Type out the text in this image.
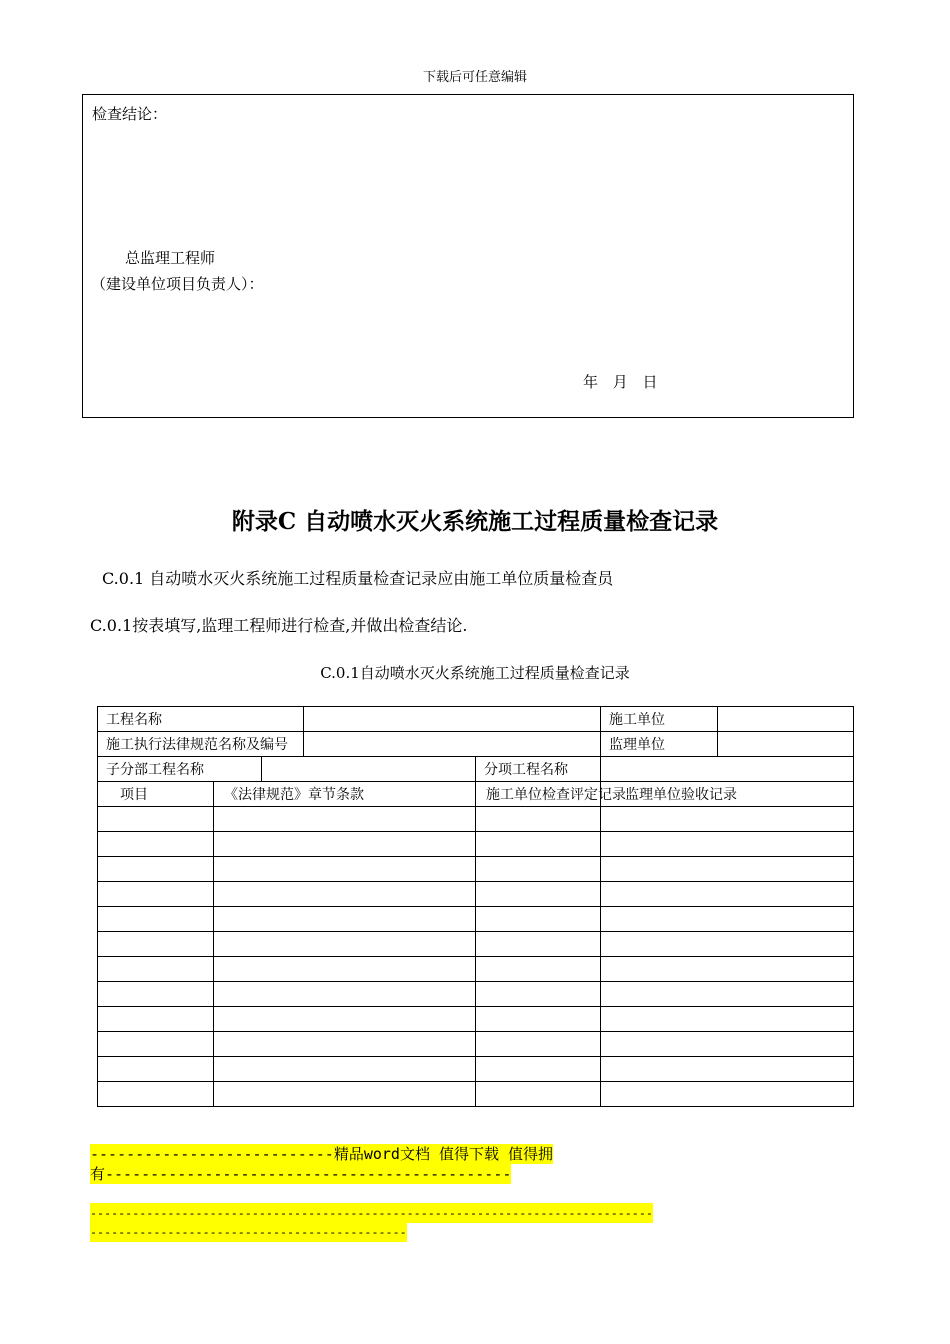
下载后可任意编辑
检查结论：
总监理工程师
（建设单位项目负责人）：
年 月 日
附录C 自动喷水灭火系统施工过程质量检查记录
C.0.1 自动喷水灭火系统施工过程质量检查记录应由施工单位质量检查员
C.0.1按表填写,监理工程师进行检查,并做出检查结论.
C.0.1自动喷水灭火系统施工过程质量检查记录
工程名称					施工单位	
施工执行法律规范名称及编号					监理单位	
子分部工程名称				分项工程名称		
项目	《法律规范》章节条款			施工单位检查评定记录	监理单位验收记录	

---------------------------精品word文档 值得下载 值得拥
有---------------------------------------------
--------------------------------------------------------------------------------
---------------------------------------------
